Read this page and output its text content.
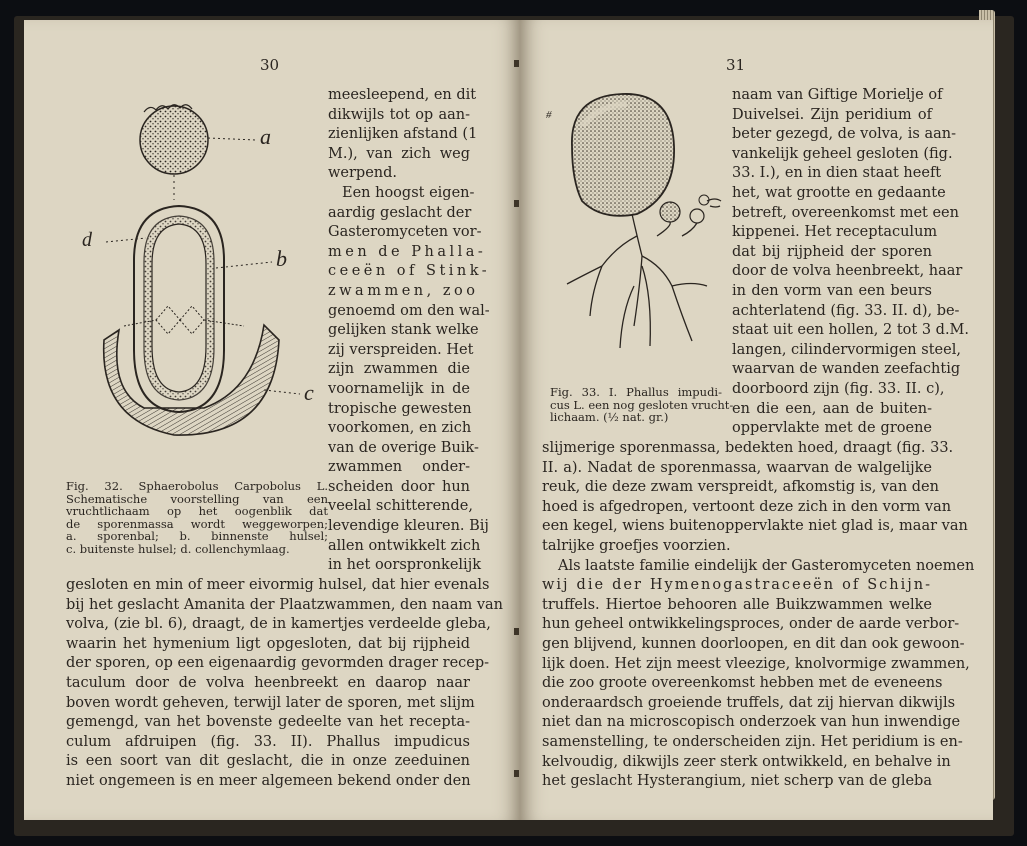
30
a
d
b
c
Fig. 32. Sphaerobolus Carpobolus L.
Schematische voorstelling van een
vruchtlichaam op het oogenblik dat
de sporenmassa wordt weggeworpen;
a. sporenbal; b. binnenste hulsel;
c. buitenste hulsel; d. collenchymlaag.
meesleepend, en dit
dikwijls tot op aan-
zienlijken afstand (1
M.), van zich weg
werpend.
Een hoogst eigen-
aardig geslacht der
Gasteromyceten vor-
men de Phalla-
ceeën of Stink-
zwammen, zoo
genoemd om den wal-
gelijken stank welke
zij verspreiden. Het
zijn zwammen die
voornamelijk in de
tropische gewesten
voorkomen, en zich
van de overige Buik-
zwammen onder-
scheiden door hun
veelal schitterende,
levendige kleuren. Bij
allen ontwikkelt zich
in het oorspronkelijk
gesloten en min of meer eivormig hulsel, dat hier evenals
bij het geslacht Amanita der Plaatzwammen, den naam van
volva, (zie bl. 6), draagt, de in kamertjes verdeelde gleba,
waarin het hymenium ligt opgesloten, dat bij rijpheid
der sporen, op een eigenaardig gevormden drager recep-
taculum door de volva heenbreekt en daarop naar
boven wordt geheven, terwijl later de sporen, met slijm
gemengd, van het bovenste gedeelte van het recepta-
culum afdruipen (fig. 33. II). Phallus impudicus
is een soort van dit geslacht, die in onze zeeduinen
niet ongemeen is en meer algemeen bekend onder den
31
#
Fig. 33. I. Phallus impudi-
cus L. een nog gesloten vrucht-
lichaam. (½ nat. gr.)
naam van Giftige Morielje of
Duivelsei. Zijn peridium of
beter gezegd, de volva, is aan-
vankelijk geheel gesloten (fig.
33. I.), en in dien staat heeft
het, wat grootte en gedaante
betreft, overeenkomst met een
kippenei. Het receptaculum
dat bij rijpheid der sporen
door de volva heenbreekt, haar
in den vorm van een beurs
achterlatend (fig. 33. II. d), be-
staat uit een hollen, 2 tot 3 d.M.
langen, cilindervormigen steel,
waarvan de wanden zeefachtig
doorboord zijn (fig. 33. II. c),
en die een, aan de buiten-
oppervlakte met de groene
slijmerige sporenmassa, bedekten hoed, draagt (fig. 33.
II. a). Nadat de sporenmassa, waarvan de walgelijke
reuk, die deze zwam verspreidt, afkomstig is, van den
hoed is afgedropen, vertoont deze zich in den vorm van
een kegel, wiens buitenoppervlakte niet glad is, maar van
talrijke groefjes voorzien.
Als laatste familie eindelijk der Gasteromyceten noemen
wij die der Hymenogastraceeën of Schijn-
truffels. Hiertoe behooren alle Buikzwammen welke
hun geheel ontwikkelingsproces, onder de aarde verbor-
gen blijvend, kunnen doorloopen, en dit dan ook gewoon-
lijk doen. Het zijn meest vleezige, knolvormige zwammen,
die zoo groote overeenkomst hebben met de eveneens
onderaardsch groeiende truffels, dat zij hiervan dikwijls
niet dan na microscopisch onderzoek van hun inwendige
samenstelling, te onderscheiden zijn. Het peridium is en-
kelvoudig, dikwijls zeer sterk ontwikkeld, en behalve in
het geslacht Hysterangium, niet scherp van de gleba
